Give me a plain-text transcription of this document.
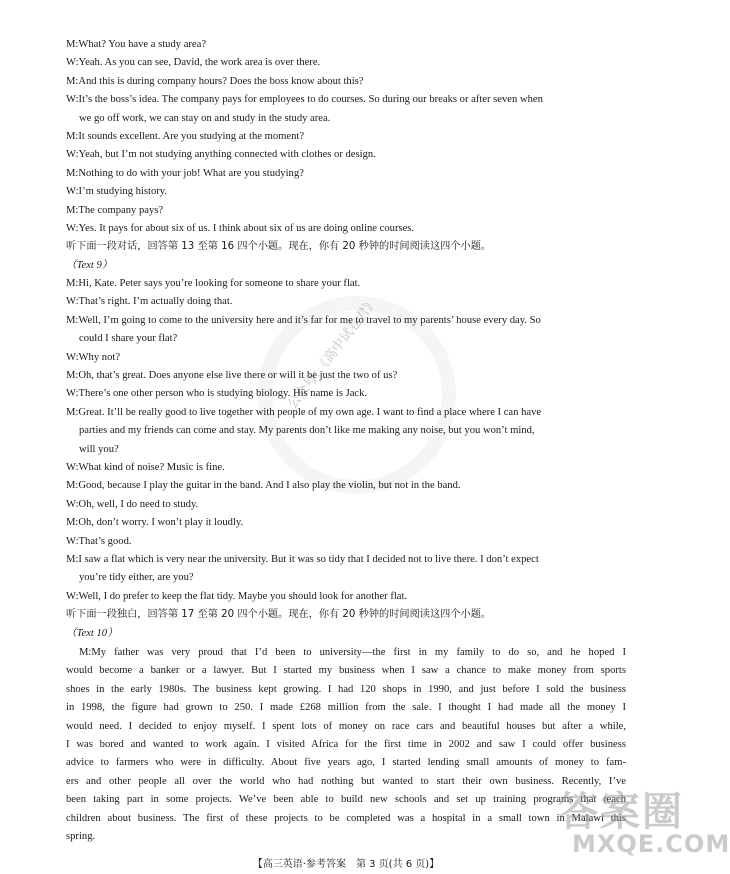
公众号：《高中试卷君》
M:What? You have a study area?
W:Yeah. As you can see, David, the work area is over there.
M:And this is during company hours? Does the boss know about this?
W:It’s the boss’s idea. The company pays for employees to do courses. So during our breaks or after seven when
we go off work, we can stay on and study in the study area.
M:It sounds excellent. Are you studying at the moment?
W:Yeah, but I’m not studying anything connected with clothes or design.
M:Nothing to do with your job! What are you studying?
W:I’m studying history.
M:The company pays?
W:Yes. It pays for about six of us. I think about six of us are doing online courses.
听下面一段对话，回答第 13 至第 16 四个小题。现在，你有 20 秒钟的时间阅读这四个小题。
（Text 9）
M:Hi, Kate. Peter says you’re looking for someone to share your flat.
W:That’s right. I’m actually doing that.
M:Well, I’m going to come to the university here and it’s far for me to travel to my parents’ house every day. So
could I share your flat?
W:Why not?
M:Oh, that’s great. Does anyone else live there or will it be just the two of us?
W:There’s one other person who is studying biology. His name is Jack.
M:Great. It’ll be really good to live together with people of my own age. I want to find a place where I can have
parties and my friends can come and stay. My parents don’t like me making any noise, but you won’t mind,
will you?
W:What kind of noise? Music is fine.
M:Good, because I play the guitar in the band. And I also play the violin, but not in the band.
W:Oh, well, I do need to study.
M:Oh, don’t worry. I won’t play it loudly.
W:That’s good.
M:I saw a flat which is very near the university. But it was so tidy that I decided not to live there. I don’t expect
you’re tidy either, are you?
W:Well, I do prefer to keep the flat tidy. Maybe you should look for another flat.
听下面一段独白，回答第 17 至第 20 四个小题。现在，你有 20 秒钟的时间阅读这四个小题。
（Text 10）
M:My father was very proud that I’d been to university—the first in my family to do so, and he hoped I
would become a banker or a lawyer. But I started my business when I saw a chance to make money from sports
shoes in the early 1980s. The business kept growing. I had 120 shops in 1990, and just before I sold the business
in 1998, the figure had grown to 250. I made £268 million from the sale. I thought I had made all the money I
would need. I decided to enjoy myself. I spent lots of money on race cars and beautiful houses but after a while,
I was bored and wanted to work again. I visited Africa for the first time in 2002 and saw I could offer business
advice to farmers who were in difficulty. About five years ago, I started lending small amounts of money to fam-
ers and other people all over the world who had nothing but wanted to start their own business. Recently, I’ve
been taking part in some projects. We’ve been able to build new schools and set up training programs that teach
children about business. The first of these projects to be completed was a hospital in a small town in Malawi this
spring.
【高三英语·参考答案　第 3 页(共 6 页)】
答案圈
MXQE.COM
